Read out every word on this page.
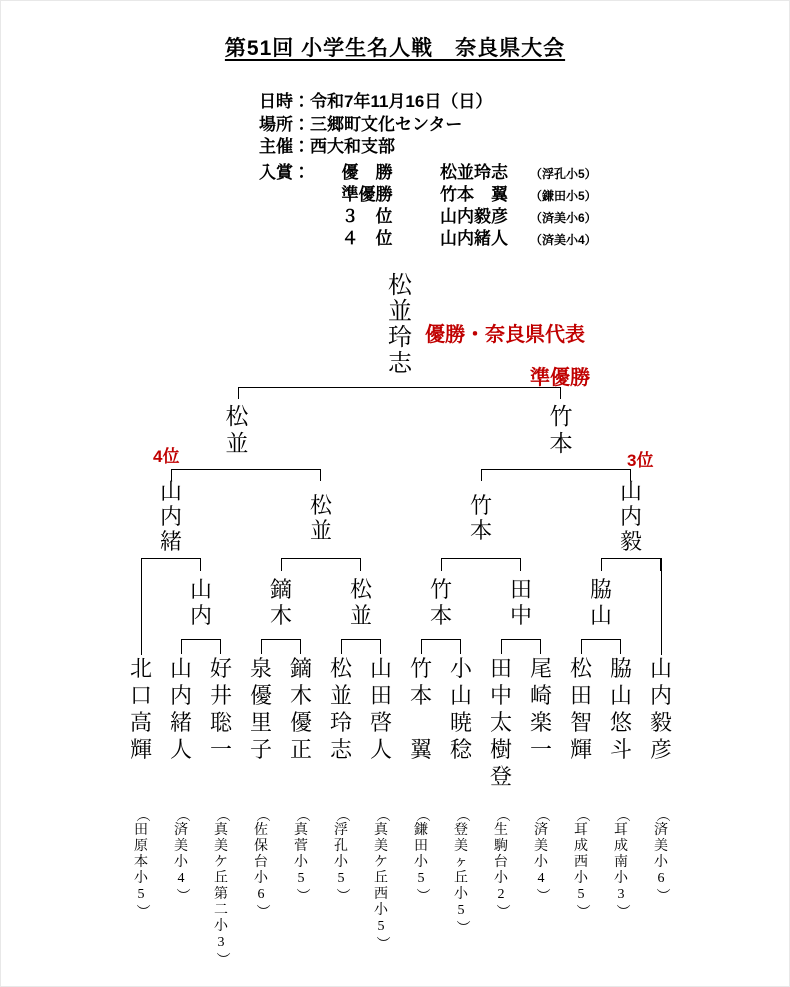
第51回 小学生名人戦　奈良県大会
日時：令和7年11月16日（日）
場所：三郷町文化センター
主催：西大和支部
入賞：	優　勝	松並玲志	（浮孔小5）
準優勝	竹本　翼	（鎌田小5）
３　位	山内毅彦	（済美小6）
４　位	山内緒人	（済美小4）
優勝・奈良県代表
準優勝
4位	3位
北
口
高
輝
（
田
原
本
小
5
）
山
内
緒
人
（
済
美
小
4
）
好
井
聡
一
（
真
美
ケ
丘
第
二
小
3
）
泉
優
里
子
（
佐
保
台
小
6
）
鏑
木
優
正
（
真
菅
小
5
）
松
並
玲
志
（
浮
孔
小
5
）
山
田
啓
人
（
真
美
ケ
丘
西
小
5
）
竹
本
翼
（
鎌
田
小
5
）
小
山
暁
稔
（
登
美
ヶ
丘
小
5
）
田
中
太
樹
登
（
生
駒
台
小
2
）
尾
崎
楽
一
（
済
美
小
4
）
松
田
智
輝
（
耳
成
西
小
5
）
脇
山
悠
斗
（
耳
成
南
小
3
）
山
内
毅
彦
（
済
美
小
6
）
山
内
鏑
木
松
並
竹
本
田
中
脇
山
山
内
緒
松
並
竹
本
山
内
毅
松
並
竹
本
松
並
玲
志
